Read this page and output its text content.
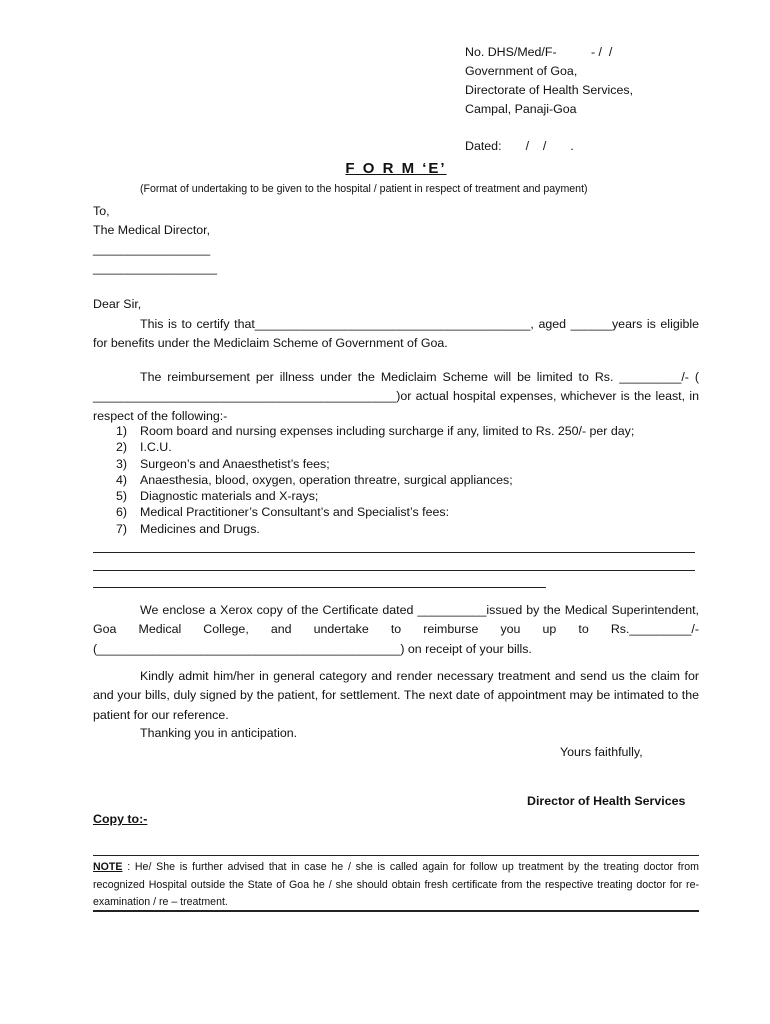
No. DHS/Med/F-          - /  /
Government of Goa,
Directorate of Health Services,
Campal, Panaji-Goa
Dated:       /    /       .
F O R M ‘E’
(Format of undertaking to be given to the hospital / patient in respect of treatment and payment)
To,
The Medical Director,
_________________
__________________
Dear Sir,
This is to certify that________________________________________, aged ______years is eligible for benefits under the Mediclaim Scheme of Government of Goa.
The reimbursement per illness under the Mediclaim Scheme will be limited to Rs. _________/- ( ____________________________________________)or actual hospital expenses, whichever is the least, in respect of the following:-
1) Room board and nursing expenses including surcharge if any, limited to Rs. 250/- per day;
2) I.C.U.
3) Surgeon’s and Anaesthetist’s fees;
4) Anaesthesia, blood, oxygen, operation threatre, surgical appliances;
5) Diagnostic materials and X-rays;
6) Medical Practitioner’s Consultant’s and Specialist’s fees:
7) Medicines and Drugs.
We enclose a Xerox copy of the Certificate dated __________issued by the Medical Superintendent, Goa Medical College, and undertake to reimburse you up to Rs._________/- (____________________________________________) on receipt of your bills.
Kindly admit him/her in general category and render necessary treatment and send us the claim for and your bills, duly signed by the patient, for settlement. The next date of appointment may be intimated to the patient for our reference.
Thanking you in anticipation.
Yours faithfully,
Director of Health Services
Copy to:-
NOTE : He/ She is further advised that in case he / she is called again for follow up treatment by the treating doctor from recognized Hospital outside the State of Goa he / she should obtain fresh certificate from the respective treating doctor for re- examination / re – treatment.
